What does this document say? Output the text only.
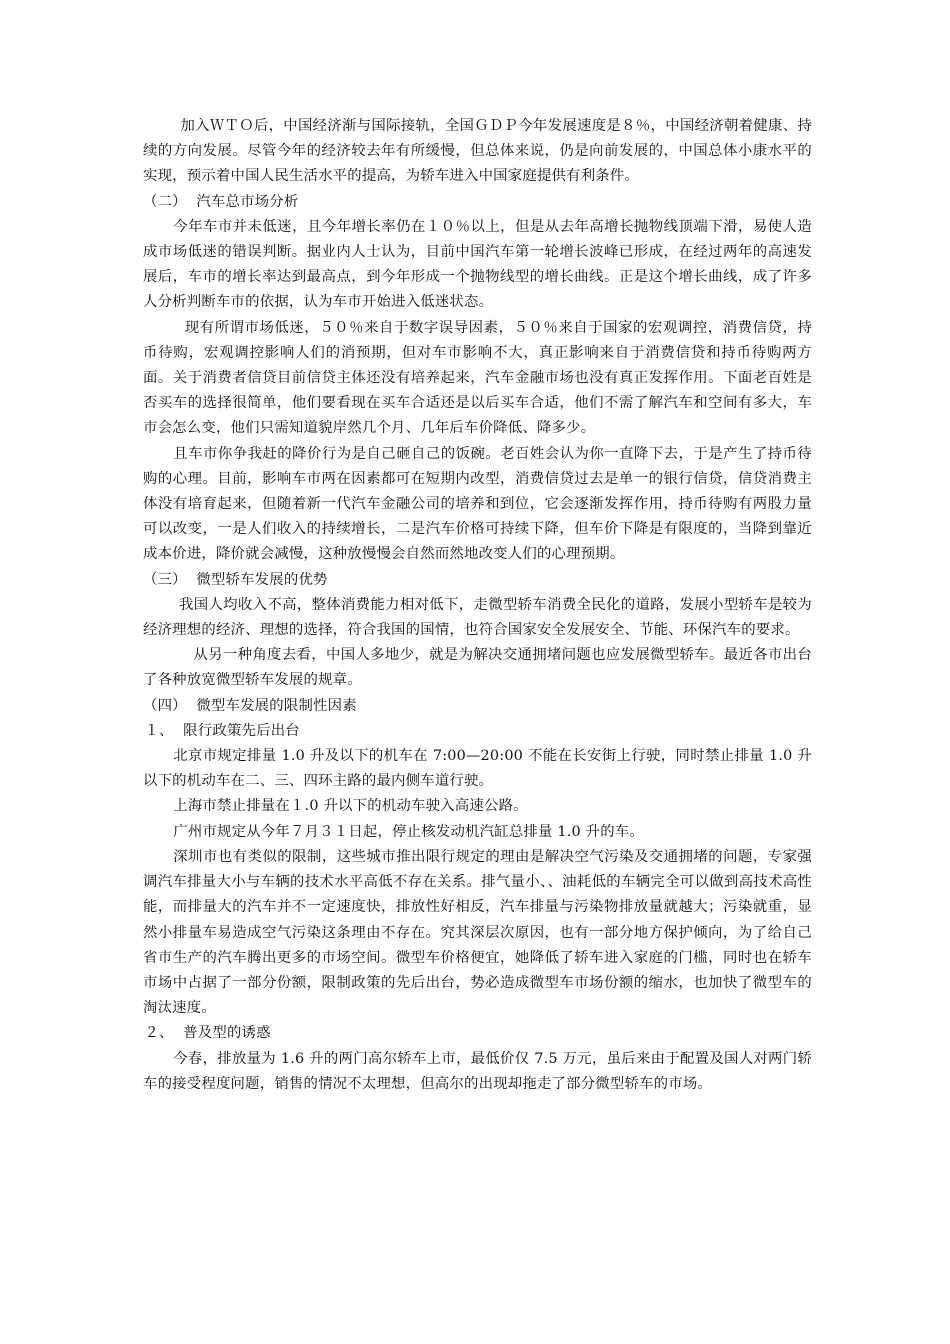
加入ＷＴＯ后，中国经济渐与国际接轨，全国ＧＤＰ今年发展速度是８％，中国经济朝着健康、持续的方向发展。尽管今年的经济较去年有所缓慢，但总体来说，仍是向前发展的，中国总体小康水平的实现，预示着中国人民生活水平的提高，为轿车进入中国家庭提供有利条件。

（二）  汽车总市场分析

今年车市并未低迷，且今年增长率仍在１０％以上，但是从去年高增长抛物线顶端下滑，易使人造成市场低迷的错误判断。据业内人士认为，目前中国汽车第一轮增长波峰已形成，在经过两年的高速发展后，车市的增长率达到最高点，到今年形成一个抛物线型的增长曲线。正是这个增长曲线，成了许多人分析判断车市的依据，认为车市开始进入低迷状态。

现有所谓市场低迷，５０％来自于数字误导因素，５０％来自于国家的宏观调控，消费信贷，持币待购，宏观调控影响人们的消预期，但对车市影响不大，真正影响来自于消费信贷和持币待购两方面。关于消费者信贷目前信贷主体还没有培养起来，汽车金融市场也没有真正发挥作用。下面老百姓是否买车的选择很简单，他们要看现在买车合适还是以后买车合适，他们不需了解汽车和空间有多大，车市会怎么变，他们只需知道貌岸然几个月、几年后车价降低、降多少。

且车市你争我赶的降价行为是自己砸自己的饭碗。老百姓会认为你一直降下去，于是产生了持币待购的心理。目前，影响车市两在因素都可在短期内改型，消费信贷过去是单一的银行信贷，信贷消费主体没有培育起来，但随着新一代汽车金融公司的培养和到位，它会逐渐发挥作用，持币待购有两股力量可以改变，一是人们收入的持续增长，二是汽车价格可持续下降，但车价下降是有限度的，当降到靠近成本价进，降价就会减慢，这种放慢慢会自然而然地改变人们的心理预期。

（三）  微型轿车发展的优势

我国人均收入不高，整体消费能力相对低下，走微型轿车消费全民化的道路，发展小型轿车是较为经济理想的经济、理想的选择，符合我国的国情，也符合国家安全发展安全、节能、环保汽车的要求。

从另一种角度去看，中国人多地少，就是为解决交通拥堵问题也应发展微型轿车。最近各市出台了各种放宽微型轿车发展的规章。

（四）  微型车发展的限制性因素

１、  限行政策先后出台

北京市规定排量 1.0 升及以下的机车在 7:00—20:00 不能在长安街上行驶，同时禁止排量 1.0 升以下的机动车在二、三、四环主路的最内侧车道行驶。

上海市禁止排量在１.0 升以下的机动车驶入高速公路。

广州市规定从今年７月３１日起，停止核发动机汽缸总排量 1.0 升的车。

深圳市也有类似的限制，这些城市推出限行规定的理由是解决空气污染及交通拥堵的问题，专家强调汽车排量大小与车辆的技术水平高低不存在关系。排气量小、、油耗低的车辆完全可以做到高技术高性能，而排量大的汽车并不一定速度快，排放性好相反，汽车排量与污染物排放量就越大；污染就重，显然小排量车易造成空气污染这条理由不存在。究其深层次原因，也有一部分地方保护倾向，为了给自己省市生产的汽车腾出更多的市场空间。微型车价格便宜，她降低了轿车进入家庭的门槛，同时也在轿车市场中占据了一部分份额，限制政策的先后出台，势必造成微型车市场份额的缩水，也加快了微型车的淘汰速度。

２、  普及型的诱惑

今春，排放量为 1.6 升的两门高尔轿车上市，最低价仅 7.5 万元，虽后来由于配置及国人对两门轿车的接受程度问题，销售的情况不太理想，但高尔的出现却拖走了部分微型轿车的市场。
